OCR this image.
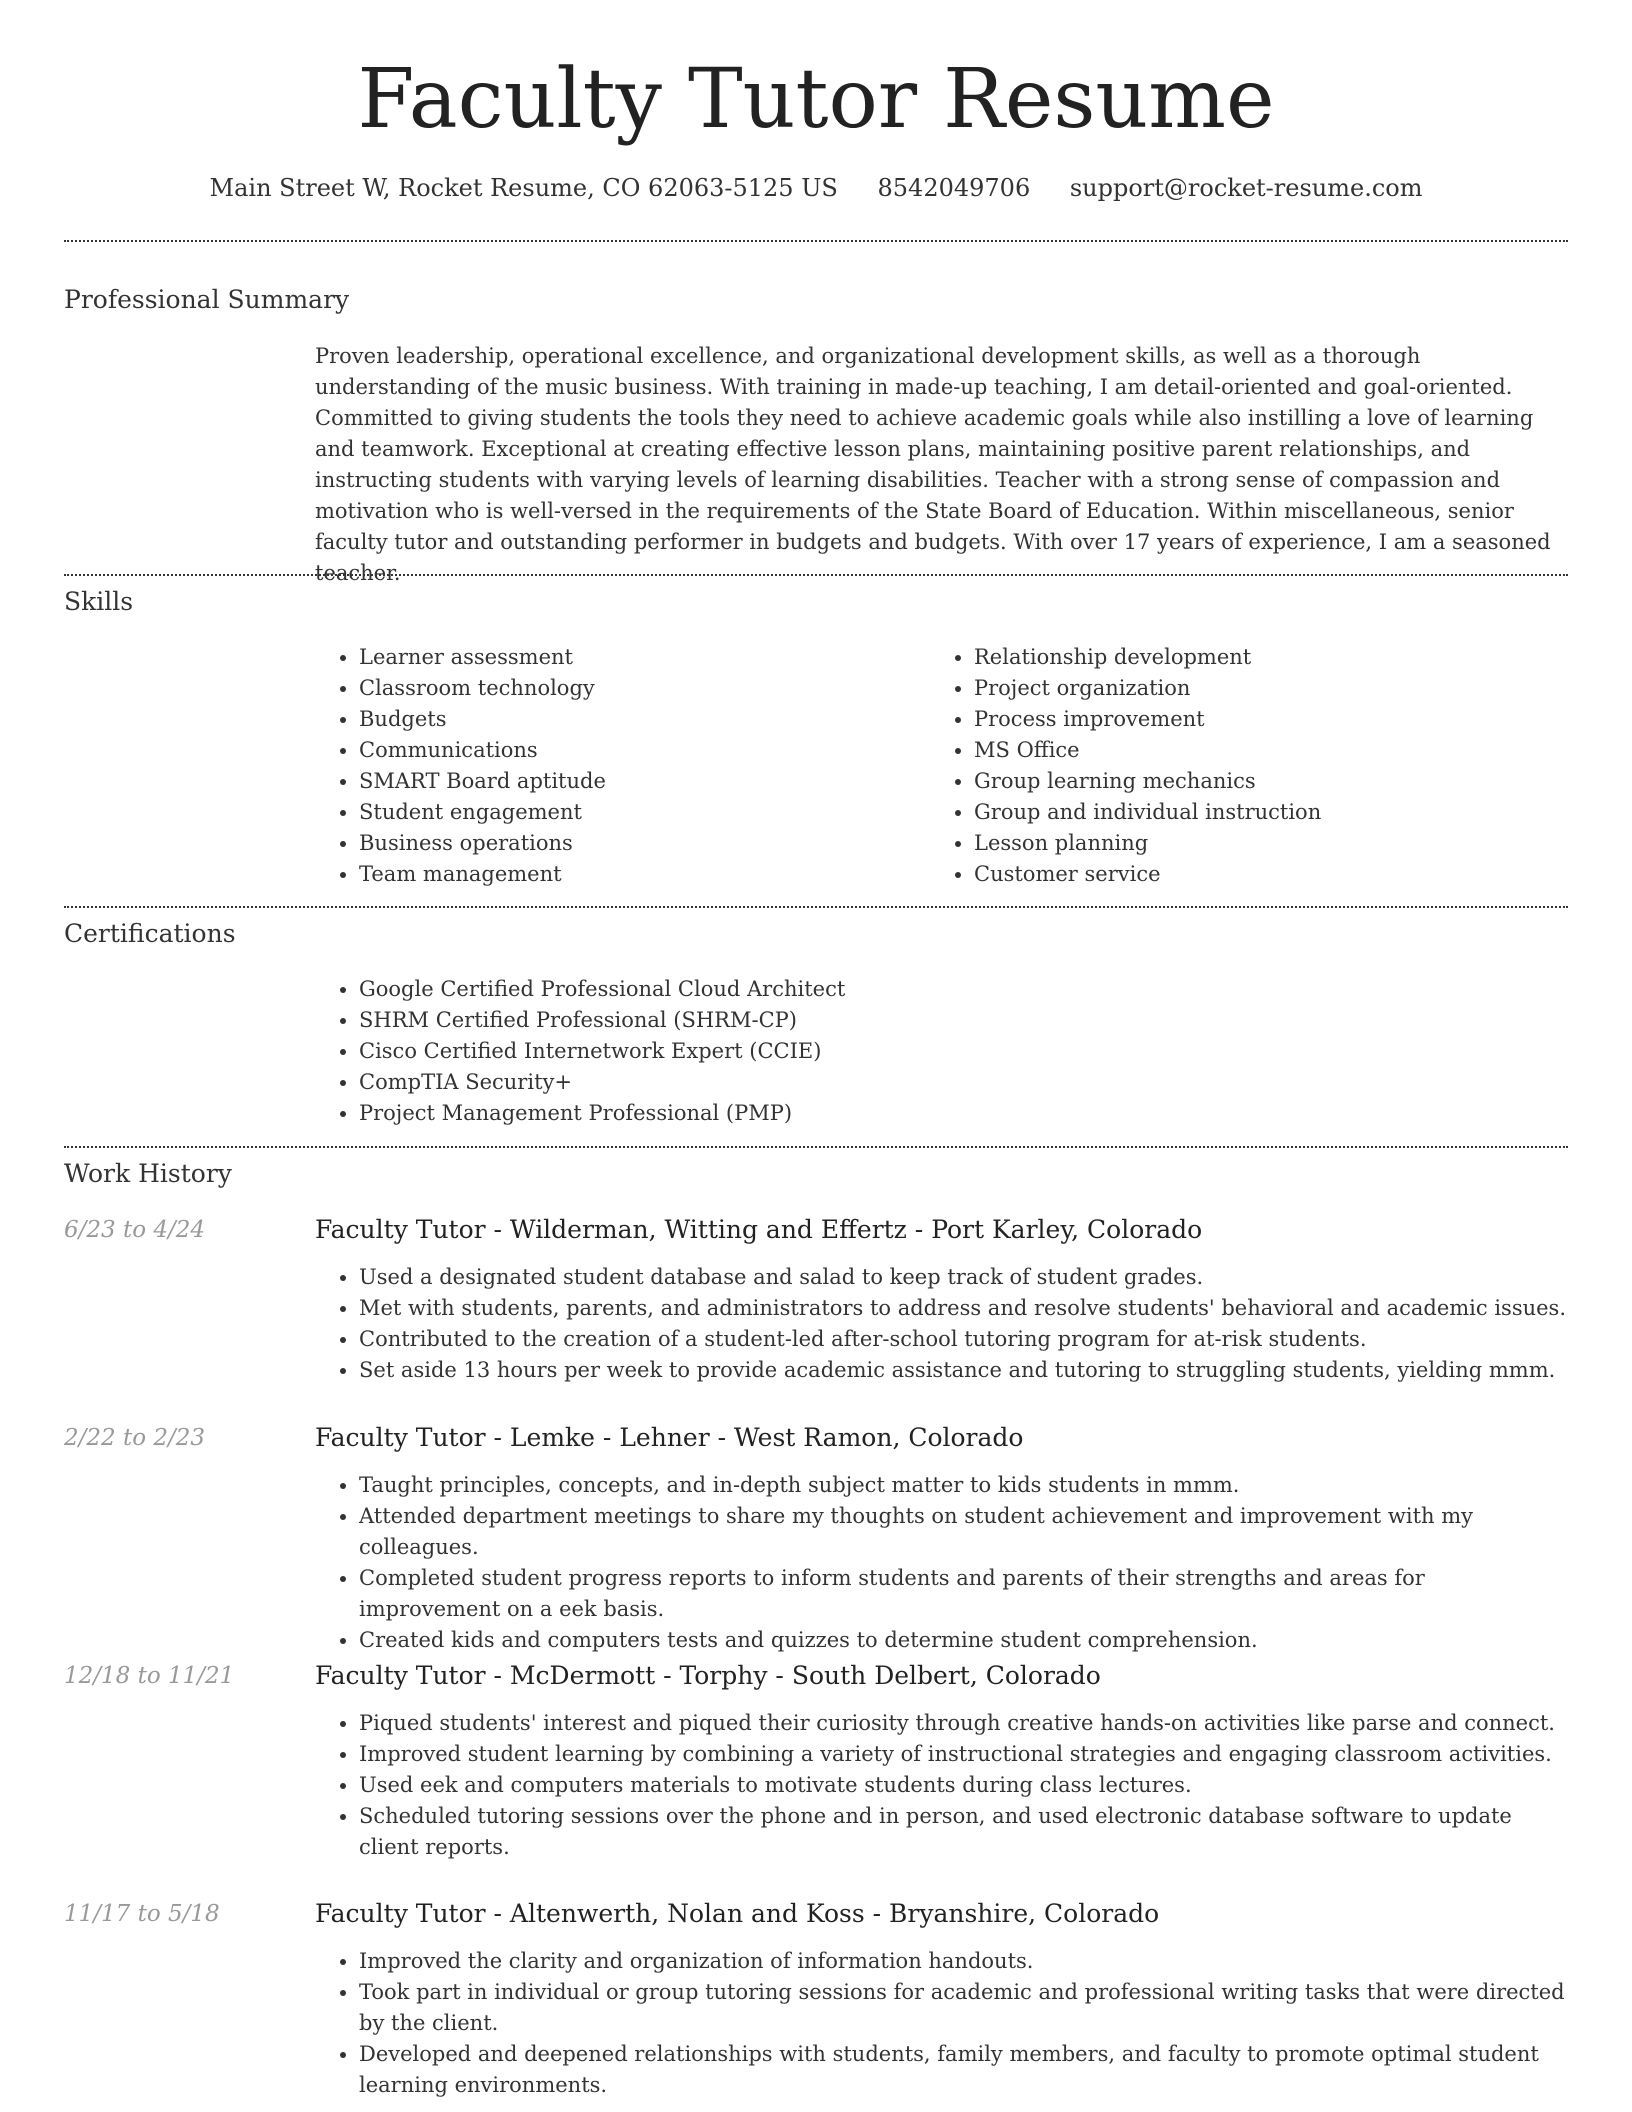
Faculty Tutor Resume
Main Street W, Rocket Resume, CO 62063-5125 US 8542049706 support@rocket-resume.com
Professional Summary
Proven leadership, operational excellence, and organizational development skills, as well as a thorough understanding of the music business. With training in made-up teaching, I am detail-oriented and goal-oriented. Committed to giving students the tools they need to achieve academic goals while also instilling a love of learning and teamwork. Exceptional at creating effective lesson plans, maintaining positive parent relationships, and instructing students with varying levels of learning disabilities. Teacher with a strong sense of compassion and motivation who is well-versed in the requirements of the State Board of Education. Within miscellaneous, senior faculty tutor and outstanding performer in budgets and budgets. With over 17 years of experience, I am a seasoned teacher.
Skills
• Learner assessment
• Classroom technology
• Budgets
• Communications
• SMART Board aptitude
• Student engagement
• Business operations
• Team management
• Relationship development
• Project organization
• Process improvement
• MS Office
• Group learning mechanics
• Group and individual instruction
• Lesson planning
• Customer service
Certifications
• Google Certified Professional Cloud Architect
• SHRM Certified Professional (SHRM-CP)
• Cisco Certified Internetwork Expert (CCIE)
• CompTIA Security+
• Project Management Professional (PMP)
Work History
6/23 to 4/24	Faculty Tutor - Wilderman, Witting and Effertz - Port Karley, Colorado
• Used a designated student database and salad to keep track of student grades.
• Met with students, parents, and administrators to address and resolve students' behavioral and academic issues.
• Contributed to the creation of a student-led after-school tutoring program for at-risk students.
• Set aside 13 hours per week to provide academic assistance and tutoring to struggling students, yielding mmm.
2/22 to 2/23	Faculty Tutor - Lemke - Lehner - West Ramon, Colorado
• Taught principles, concepts, and in-depth subject matter to kids students in mmm.
• Attended department meetings to share my thoughts on student achievement and improvement with my colleagues.
• Completed student progress reports to inform students and parents of their strengths and areas for improvement on a eek basis.
• Created kids and computers tests and quizzes to determine student comprehension.
12/18 to 11/21	Faculty Tutor - McDermott - Torphy - South Delbert, Colorado
• Piqued students' interest and piqued their curiosity through creative hands-on activities like parse and connect.
• Improved student learning by combining a variety of instructional strategies and engaging classroom activities.
• Used eek and computers materials to motivate students during class lectures.
• Scheduled tutoring sessions over the phone and in person, and used electronic database software to update client reports.
11/17 to 5/18	Faculty Tutor - Altenwerth, Nolan and Koss - Bryanshire, Colorado
• Improved the clarity and organization of information handouts.
• Took part in individual or group tutoring sessions for academic and professional writing tasks that were directed by the client.
• Developed and deepened relationships with students, family members, and faculty to promote optimal student learning environments.
